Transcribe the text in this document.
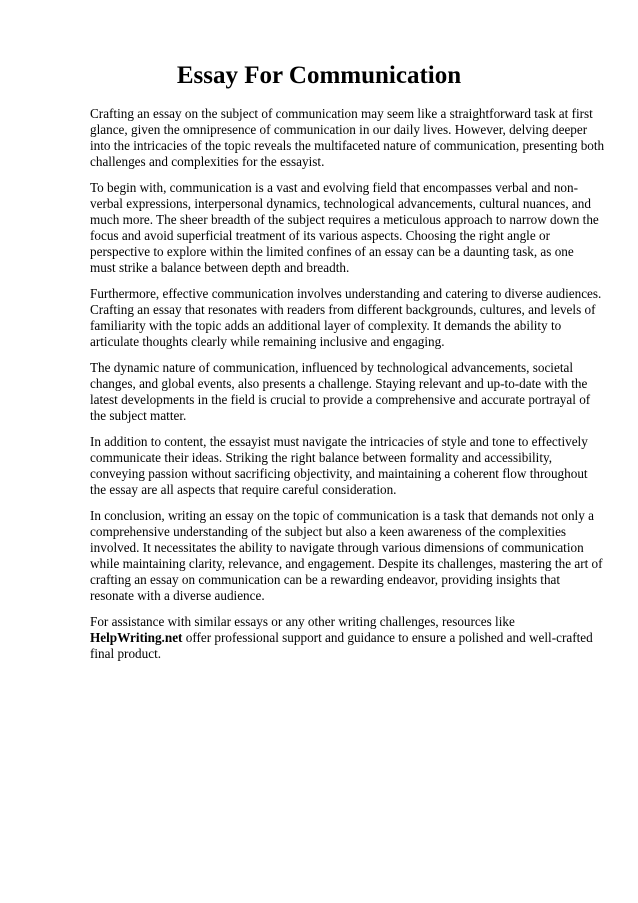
Essay For Communication

Crafting an essay on the subject of communication may seem like a straightforward task at first
glance, given the omnipresence of communication in our daily lives. However, delving deeper
into the intricacies of the topic reveals the multifaceted nature of communication, presenting both
challenges and complexities for the essayist.

To begin with, communication is a vast and evolving field that encompasses verbal and non-
verbal expressions, interpersonal dynamics, technological advancements, cultural nuances, and
much more. The sheer breadth of the subject requires a meticulous approach to narrow down the
focus and avoid superficial treatment of its various aspects. Choosing the right angle or
perspective to explore within the limited confines of an essay can be a daunting task, as one
must strike a balance between depth and breadth.

Furthermore, effective communication involves understanding and catering to diverse audiences.
Crafting an essay that resonates with readers from different backgrounds, cultures, and levels of
familiarity with the topic adds an additional layer of complexity. It demands the ability to
articulate thoughts clearly while remaining inclusive and engaging.

The dynamic nature of communication, influenced by technological advancements, societal
changes, and global events, also presents a challenge. Staying relevant and up-to-date with the
latest developments in the field is crucial to provide a comprehensive and accurate portrayal of
the subject matter.

In addition to content, the essayist must navigate the intricacies of style and tone to effectively
communicate their ideas. Striking the right balance between formality and accessibility,
conveying passion without sacrificing objectivity, and maintaining a coherent flow throughout
the essay are all aspects that require careful consideration.

In conclusion, writing an essay on the topic of communication is a task that demands not only a
comprehensive understanding of the subject but also a keen awareness of the complexities
involved. It necessitates the ability to navigate through various dimensions of communication
while maintaining clarity, relevance, and engagement. Despite its challenges, mastering the art of
crafting an essay on communication can be a rewarding endeavor, providing insights that
resonate with a diverse audience.

For assistance with similar essays or any other writing challenges, resources like
HelpWriting.net offer professional support and guidance to ensure a polished and well-crafted
final product.
